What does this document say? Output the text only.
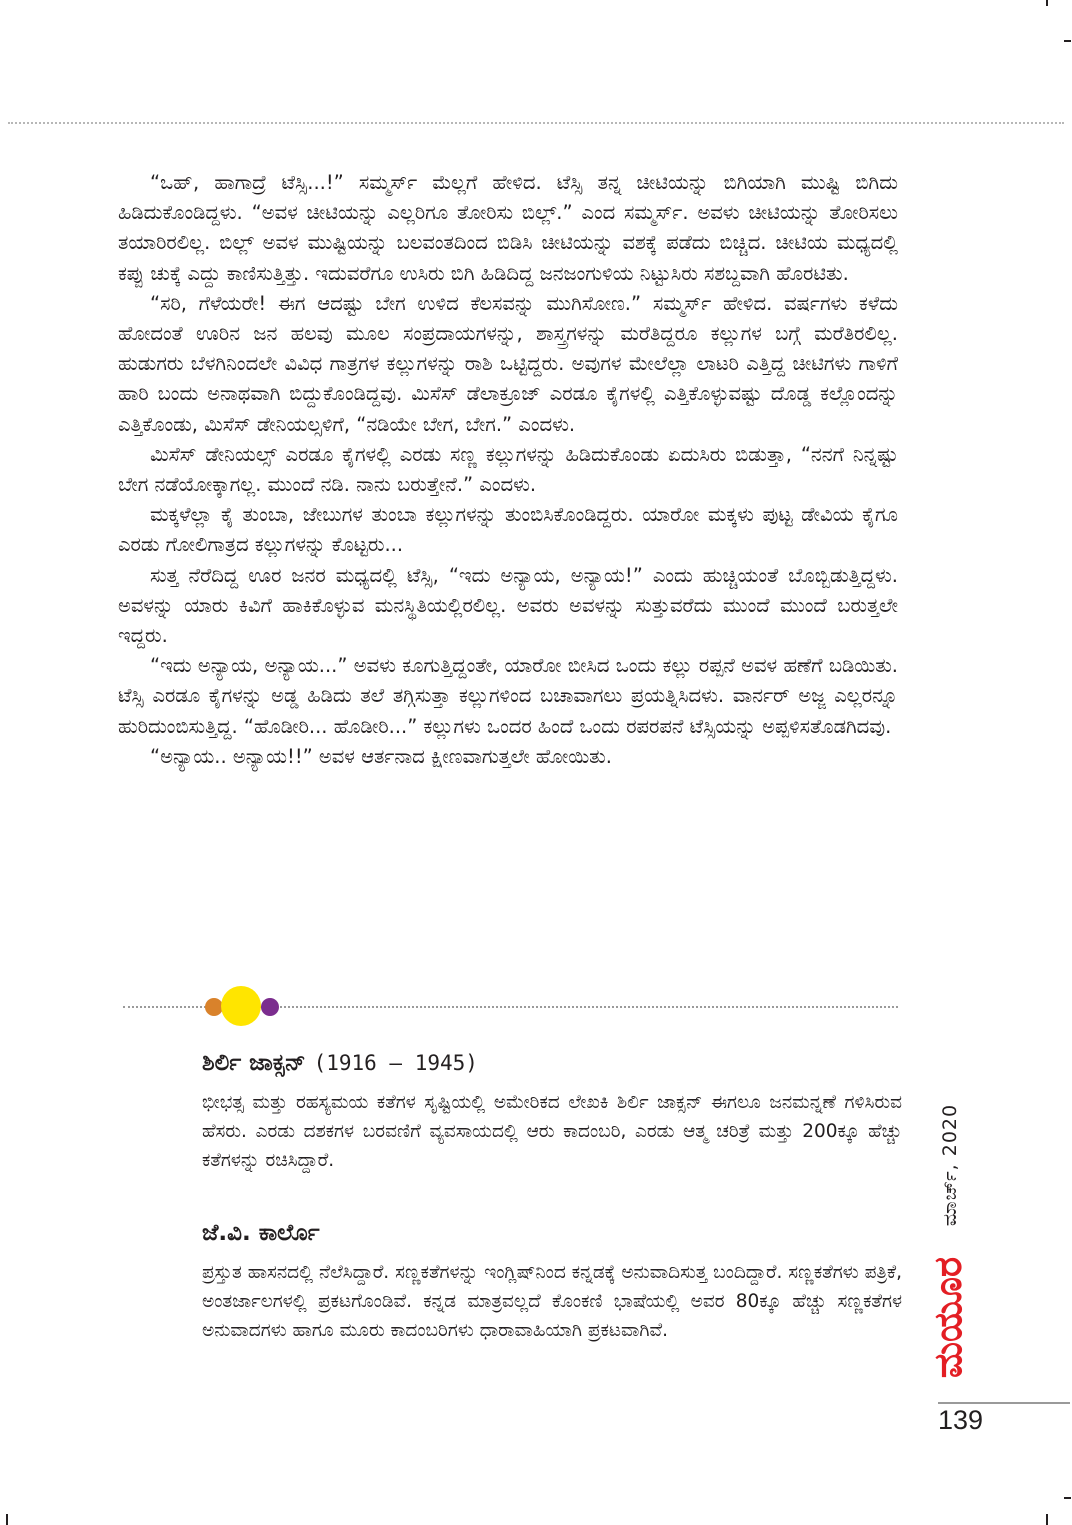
“ಒಹ್, ಹಾಗಾದ್ರೆ ಟೆಸ್ಸಿ...!” ಸಮ್ಮರ್ಸ್ ಮೆಲ್ಲಗೆ ಹೇಳಿದ. ಟೆಸ್ಸಿ ತನ್ನ ಚೀಟಿಯನ್ನು ಬಿಗಿಯಾಗಿ ಮುಷ್ಟಿ ಬಿಗಿದು ಹಿಡಿದುಕೊಂಡಿದ್ದಳು. “ಅವಳ ಚೀಟಿಯನ್ನು ಎಲ್ಲರಿಗೂ ತೋರಿಸು ಬಿಲ್ಲ್.” ಎಂದ ಸಮ್ಮರ್ಸ್. ಅವಳು ಚೀಟಿಯನ್ನು ತೋರಿಸಲು ತಯಾರಿರಲಿಲ್ಲ. ಬಿಲ್ಲ್ ಅವಳ ಮುಷ್ಟಿಯನ್ನು ಬಲವಂತದಿಂದ ಬಿಡಿಸಿ ಚೀಟಿಯನ್ನು ವಶಕ್ಕೆ ಪಡೆದು ಬಿಚ್ಚಿದ. ಚೀಟಿಯ ಮಧ್ಯದಲ್ಲಿ ಕಪ್ಪು ಚುಕ್ಕೆ ಎದ್ದು ಕಾಣಿಸುತ್ತಿತ್ತು. ಇದುವರೆಗೂ ಉಸಿರು ಬಿಗಿ ಹಿಡಿದಿದ್ದ ಜನಜಂಗುಳಿಯ ನಿಟ್ಟುಸಿರು ಸಶಬ್ದವಾಗಿ ಹೊರಟಿತು.

“ಸರಿ, ಗೆಳೆಯರೇ! ಈಗ ಆದಷ್ಟು ಬೇಗ ಉಳಿದ ಕೆಲಸವನ್ನು ಮುಗಿಸೋಣ.” ಸಮ್ಮರ್ಸ್ ಹೇಳಿದ. ವರ್ಷಗಳು ಕಳೆದು ಹೋದಂತೆ ಊರಿನ ಜನ ಹಲವು ಮೂಲ ಸಂಪ್ರದಾಯಗಳನ್ನು, ಶಾಸ್ತ್ರಗಳನ್ನು ಮರೆತಿದ್ದರೂ ಕಲ್ಲುಗಳ ಬಗ್ಗೆ ಮರೆತಿರಲಿಲ್ಲ. ಹುಡುಗರು ಬೆಳಗಿನಿಂದಲೇ ವಿವಿಧ ಗಾತ್ರಗಳ ಕಲ್ಲುಗಳನ್ನು ರಾಶಿ ಒಟ್ಟಿದ್ದರು. ಅವುಗಳ ಮೇಲೆಲ್ಲಾ ಲಾಟರಿ ಎತ್ತಿದ್ದ ಚೀಟಿಗಳು ಗಾಳಿಗೆ ಹಾರಿ ಬಂದು ಅನಾಥವಾಗಿ ಬಿದ್ದುಕೊಂಡಿದ್ದವು. ಮಿಸೆಸ್ ಡೆಲಾಕ್ರೂಜ್ ಎರಡೂ ಕೈಗಳಲ್ಲಿ ಎತ್ತಿಕೊಳ್ಳುವಷ್ಟು ದೊಡ್ಡ ಕಲ್ಲೊಂದನ್ನು ಎತ್ತಿಕೊಂಡು, ಮಿಸೆಸ್ ಡೇನಿಯಲ್ಸಳಿಗೆ, “ನಡಿಯೇ ಬೇಗ, ಬೇಗ.” ಎಂದಳು.

ಮಿಸೆಸ್ ಡೇನಿಯಲ್ಸ್ ಎರಡೂ ಕೈಗಳಲ್ಲಿ ಎರಡು ಸಣ್ಣ ಕಲ್ಲುಗಳನ್ನು ಹಿಡಿದುಕೊಂಡು ಏದುಸಿರು ಬಿಡುತ್ತಾ, “ನನಗೆ ನಿನ್ನಷ್ಟು ಬೇಗ ನಡೆಯೋಕ್ಕಾಗಲ್ಲ. ಮುಂದೆ ನಡಿ. ನಾನು ಬರುತ್ತೇನೆ.” ಎಂದಳು.

ಮಕ್ಕಳೆಲ್ಲಾ ಕೈ ತುಂಬಾ, ಜೇಬುಗಳ ತುಂಬಾ ಕಲ್ಲುಗಳನ್ನು ತುಂಬಿಸಿಕೊಂಡಿದ್ದರು. ಯಾರೋ ಮಕ್ಕಳು ಪುಟ್ಟ ಡೇವಿಯ ಕೈಗೂ ಎರಡು ಗೋಲಿಗಾತ್ರದ ಕಲ್ಲುಗಳನ್ನು ಕೊಟ್ಟರು...

ಸುತ್ತ ನೆರೆದಿದ್ದ ಊರ ಜನರ ಮಧ್ಯದಲ್ಲಿ ಟೆಸ್ಸಿ, “ಇದು ಅನ್ಯಾಯ, ಅನ್ಯಾಯ!” ಎಂದು ಹುಚ್ಚಿಯಂತೆ ಬೊಬ್ಬಿಡುತ್ತಿದ್ದಳು. ಅವಳನ್ನು ಯಾರು ಕಿವಿಗೆ ಹಾಕಿಕೊಳ್ಳುವ ಮನಸ್ಥಿತಿಯಲ್ಲಿರಲಿಲ್ಲ. ಅವರು ಅವಳನ್ನು ಸುತ್ತುವರೆದು ಮುಂದೆ ಮುಂದೆ ಬರುತ್ತಲೇ ಇದ್ದರು.

“ಇದು ಅನ್ಯಾಯ, ಅನ್ಯಾಯ...” ಅವಳು ಕೂಗುತ್ತಿದ್ದಂತೇ, ಯಾರೋ ಬೀಸಿದ ಒಂದು ಕಲ್ಲು ರಪ್ಪನೆ ಅವಳ ಹಣೆಗೆ ಬಡಿಯಿತು. ಟೆಸ್ಸಿ ಎರಡೂ ಕೈಗಳನ್ನು ಅಡ್ಡ ಹಿಡಿದು ತಲೆ ತಗ್ಗಿಸುತ್ತಾ ಕಲ್ಲುಗಳಿಂದ ಬಚಾವಾಗಲು ಪ್ರಯತ್ನಿಸಿದಳು. ವಾರ್ನರ್ ಅಜ್ಜ ಎಲ್ಲರನ್ನೂ ಹುರಿದುಂಬಿಸುತ್ತಿದ್ದ. “ಹೊಡೀರಿ... ಹೊಡೀರಿ...” ಕಲ್ಲುಗಳು ಒಂದರ ಹಿಂದೆ ಒಂದು ರಪರಪನೆ ಟೆಸ್ಸಿಯನ್ನು ಅಪ್ಪಳಿಸತೊಡಗಿದವು.

“ಅನ್ಯಾಯ.. ಅನ್ಯಾಯ!!” ಅವಳ ಆರ್ತನಾದ ಕ್ಷೀಣವಾಗುತ್ತಲೇ ಹೋಯಿತು.

ಶಿರ್ಲಿ ಜಾಕ್ಸನ್ (1916 – 1945)
ಭೀಭತ್ಸ ಮತ್ತು ರಹಸ್ಯಮಯ ಕತೆಗಳ ಸೃಷ್ಟಿಯಲ್ಲಿ ಅಮೇರಿಕದ ಲೇಖಕಿ ಶಿರ್ಲಿ ಜಾಕ್ಸನ್ ಈಗಲೂ ಜನಮನ್ನಣೆ ಗಳಿಸಿರುವ ಹೆಸರು. ಎರಡು ದಶಕಗಳ ಬರವಣಿಗೆ ವ್ಯವಸಾಯದಲ್ಲಿ ಆರು ಕಾದಂಬರಿ, ಎರಡು ಆತ್ಮ ಚರಿತ್ರೆ ಮತ್ತು 200ಕ್ಕೂ ಹೆಚ್ಚು ಕತೆಗಳನ್ನು ರಚಿಸಿದ್ದಾರೆ.
ಜೆ.ವಿ. ಕಾರ್ಲೊ
ಪ್ರಸ್ತುತ ಹಾಸನದಲ್ಲಿ ನೆಲೆಸಿದ್ದಾರೆ. ಸಣ್ಣಕತೆಗಳನ್ನು ಇಂಗ್ಲಿಷ್‌ನಿಂದ ಕನ್ನಡಕ್ಕೆ ಅನುವಾದಿಸುತ್ತ ಬಂದಿದ್ದಾರೆ. ಸಣ್ಣಕತೆಗಳು ಪತ್ರಿಕೆ, ಅಂತರ್ಜಾಲಗಳಲ್ಲಿ ಪ್ರಕಟಗೊಂಡಿವೆ. ಕನ್ನಡ ಮಾತ್ರವಲ್ಲದೆ ಕೊಂಕಣಿ ಭಾಷೆಯಲ್ಲಿ ಅವರ 80ಕ್ಕೂ ಹೆಚ್ಚು ಸಣ್ಣಕತೆಗಳ ಅನುವಾದಗಳು ಹಾಗೂ ಮೂರು ಕಾದಂಬರಿಗಳು ಧಾರಾವಾಹಿಯಾಗಿ ಪ್ರಕಟವಾಗಿವೆ.
ಮಾರ್ಚ್, 2020
ಮಯೂರ
139
